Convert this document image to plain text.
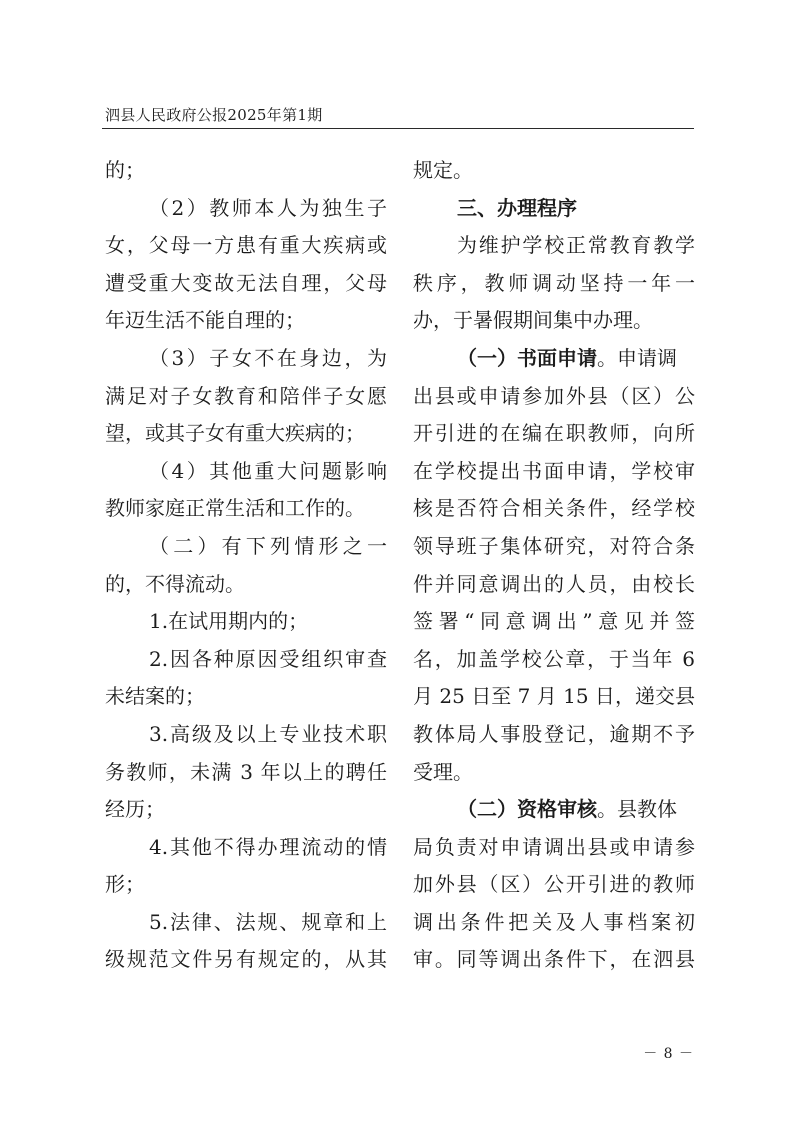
泗县人民政府公报2025年第1期
的；
（2）教师本人为独生子
女，父母一方患有重大疾病或
遭受重大变故无法自理，父母
年迈生活不能自理的；
（3）子女不在身边，为
满足对子女教育和陪伴子女愿
望，或其子女有重大疾病的；
（4）其他重大问题影响
教师家庭正常生活和工作的。
（二）有下列情形之一
的，不得流动。
1.在试用期内的；
2.因各种原因受组织审查
未结案的；
3.高级及以上专业技术职
务教师，未满 3 年以上的聘任
经历；
4.其他不得办理流动的情
形；
5.法律、法规、规章和上
级规范文件另有规定的，从其
规定。
三、办理程序
为维护学校正常教育教学
秩序，教师调动坚持一年一
办，于暑假期间集中办理。
（一）书面申请。申请调
出县或申请参加外县（区）公
开引进的在编在职教师，向所
在学校提出书面申请，学校审
核是否符合相关条件，经学校
领导班子集体研究，对符合条
件并同意调出的人员，由校长
签署“同意调出”意见并签
名，加盖学校公章，于当年 6
月 25 日至 7 月 15 日，递交县
教体局人事股登记，逾期不予
受理。
（二）资格审核。县教体
局负责对申请调出县或申请参
加外县（区）公开引进的教师
调出条件把关及人事档案初
审。同等调出条件下，在泗县
－ 8 －
